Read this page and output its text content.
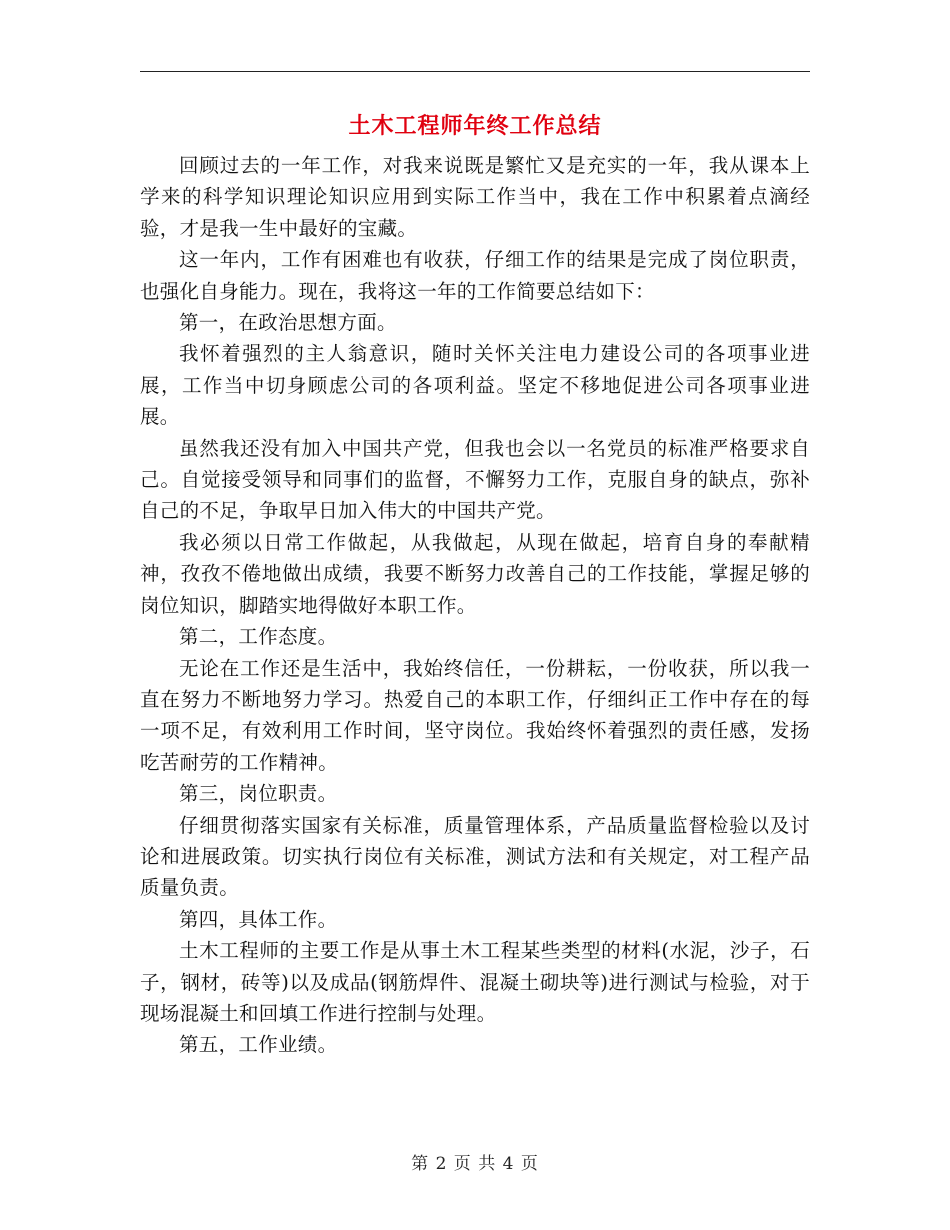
土木工程师年终工作总结

回顾过去的一年工作，对我来说既是繁忙又是充实的一年，我从课本上学来的科学知识理论知识应用到实际工作当中，我在工作中积累着点滴经验，才是我一生中最好的宝藏。

这一年内，工作有困难也有收获，仔细工作的结果是完成了岗位职责，也强化自身能力。现在，我将这一年的工作简要总结如下：

第一，在政治思想方面。

我怀着强烈的主人翁意识，随时关怀关注电力建设公司的各项事业进展，工作当中切身顾虑公司的各项利益。坚定不移地促进公司各项事业进展。

虽然我还没有加入中国共产党，但我也会以一名党员的标准严格要求自己。自觉接受领导和同事们的监督，不懈努力工作，克服自身的缺点，弥补自己的不足，争取早日加入伟大的中国共产党。

我必须以日常工作做起，从我做起，从现在做起，培育自身的奉献精神，孜孜不倦地做出成绩，我要不断努力改善自己的工作技能，掌握足够的岗位知识，脚踏实地得做好本职工作。

第二，工作态度。

无论在工作还是生活中，我始终信任，一份耕耘，一份收获，所以我一直在努力不断地努力学习。热爱自己的本职工作，仔细纠正工作中存在的每一项不足，有效利用工作时间，坚守岗位。我始终怀着强烈的责任感，发扬吃苦耐劳的工作精神。

第三，岗位职责。

仔细贯彻落实国家有关标准，质量管理体系，产品质量监督检验以及讨论和进展政策。切实执行岗位有关标准，测试方法和有关规定，对工程产品质量负责。

第四，具体工作。

土木工程师的主要工作是从事土木工程某些类型的材料(水泥，沙子，石子，钢材，砖等)以及成品(钢筋焊件、混凝土砌块等)进行测试与检验，对于现场混凝土和回填工作进行控制与处理。

第五，工作业绩。

第 2 页 共 4 页
